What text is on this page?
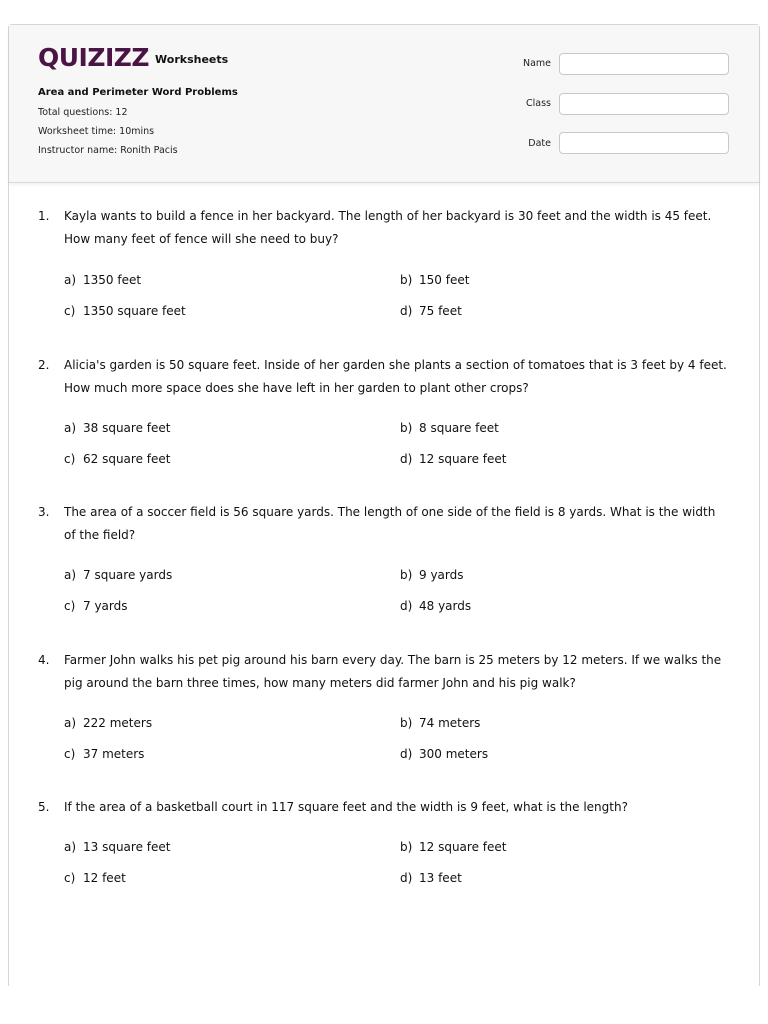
QUIZIZZ Worksheets
Area and Perimeter Word Problems
Total questions: 12
Worksheet time: 10mins
Instructor name: Ronith Pacis
Name
Class
Date
1. Kayla wants to build a fence in her backyard. The length of her backyard is 30 feet and the width is 45 feet. How many feet of fence will she need to buy?
a) 1350 feet	b) 150 feet
c) 1350 square feet	d) 75 feet
2. Alicia's garden is 50 square feet. Inside of her garden she plants a section of tomatoes that is 3 feet by 4 feet. How much more space does she have left in her garden to plant other crops?
a) 38 square feet	b) 8 square feet
c) 62 square feet	d) 12 square feet
3. The area of a soccer field is 56 square yards. The length of one side of the field is 8 yards. What is the width of the field?
a) 7 square yards	b) 9 yards
c) 7 yards	d) 48 yards
4. Farmer John walks his pet pig around his barn every day. The barn is 25 meters by 12 meters. If we walks the pig around the barn three times, how many meters did farmer John and his pig walk?
a) 222 meters	b) 74 meters
c) 37 meters	d) 300 meters
5. If the area of a basketball court in 117 square feet and the width is 9 feet, what is the length?
a) 13 square feet	b) 12 square feet
c) 12 feet	d) 13 feet
